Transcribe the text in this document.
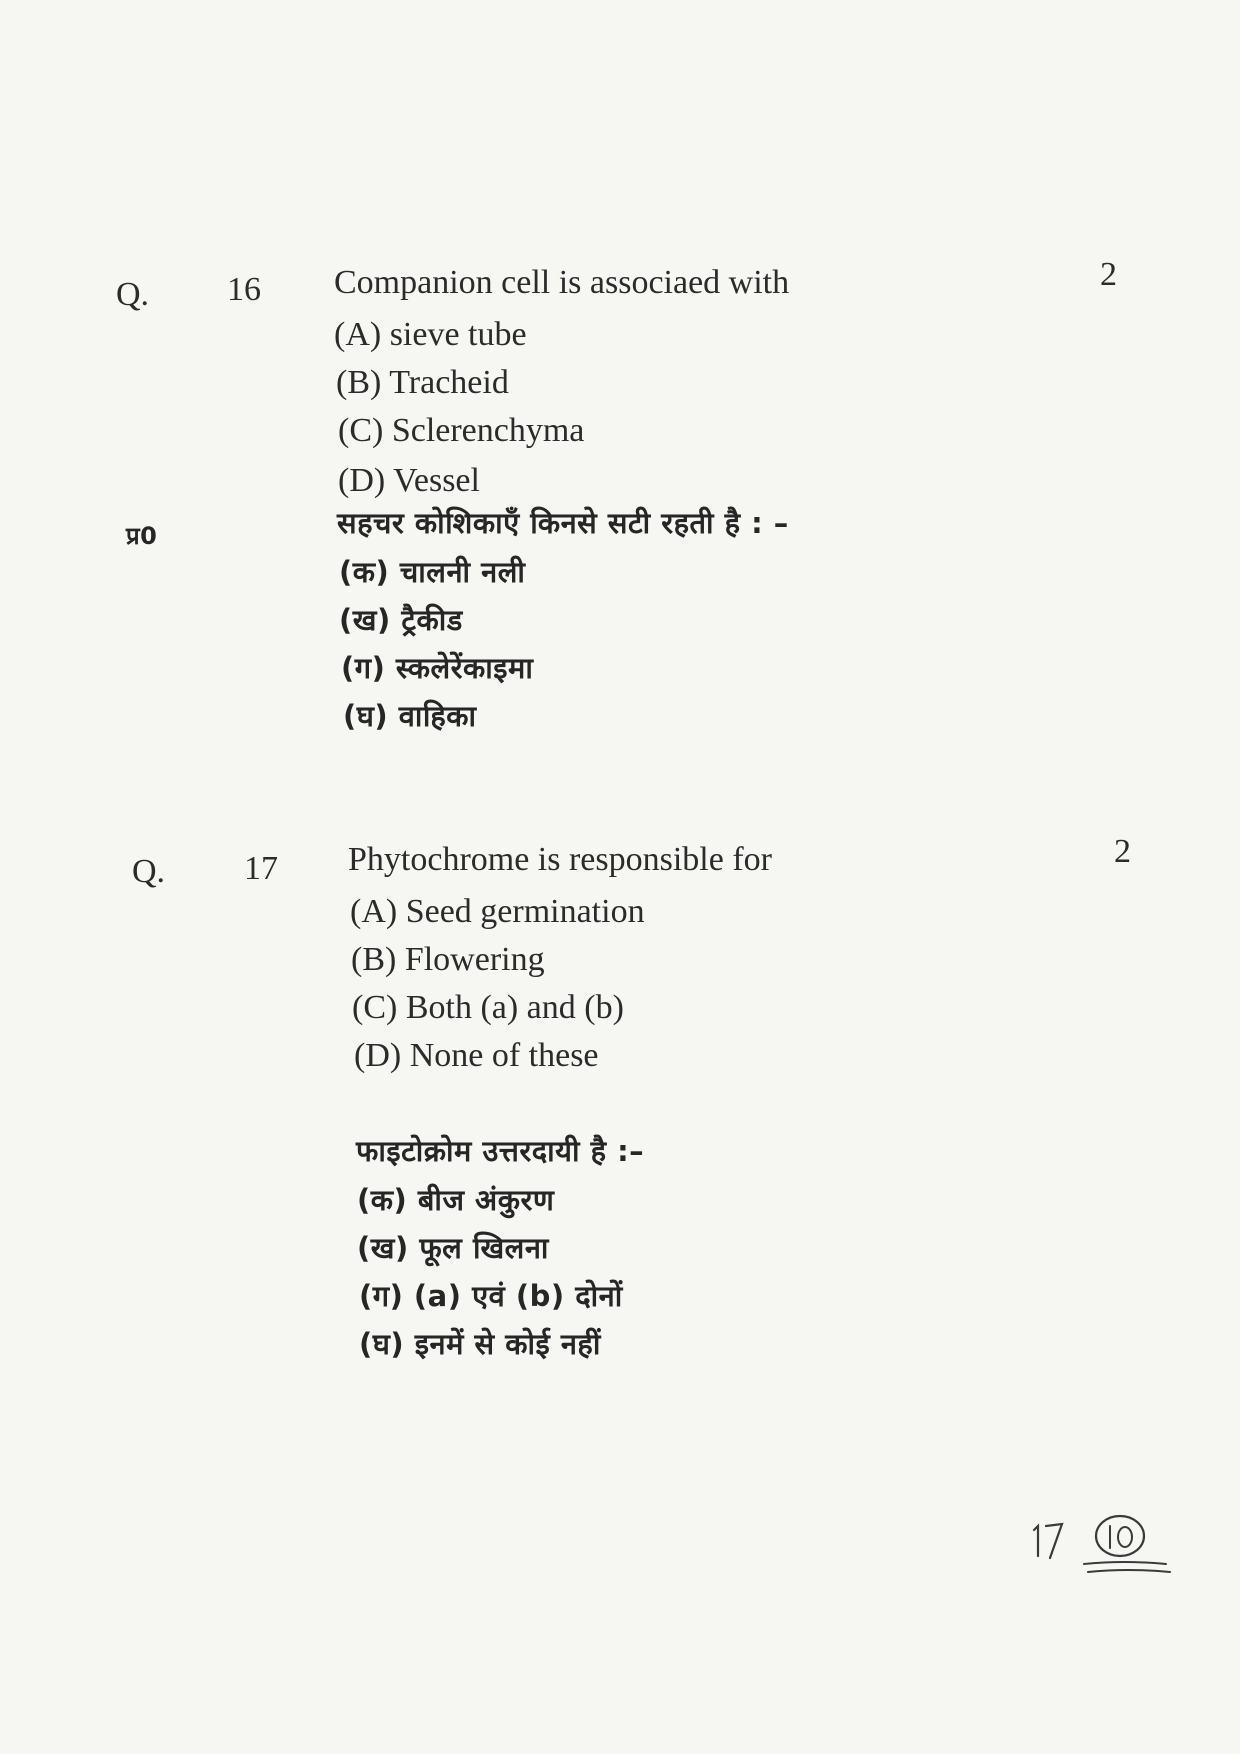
Q. 16 Companion cell is associaed with	2
(A) sieve tube
(B) Tracheid
(C) Sclerenchyma
(D) Vessel
प्र0	सहचर कोशिकाएँ किनसे सटी रहती है : –
(क) चालनी नली
(ख) ट्रैकीड
(ग) स्कलेरेंकाइमा
(घ) वाहिका
Q. 17 Phytochrome is responsible for	2
(A) Seed germination
(B) Flowering
(C) Both (a) and (b)
(D) None of these
फाइटोक्रोम उत्तरदायी है :–
(क) बीज अंकुरण
(ख) फूल खिलना
(ग) (a) एवं (b) दोनों
(घ) इनमें से कोई नहीं
